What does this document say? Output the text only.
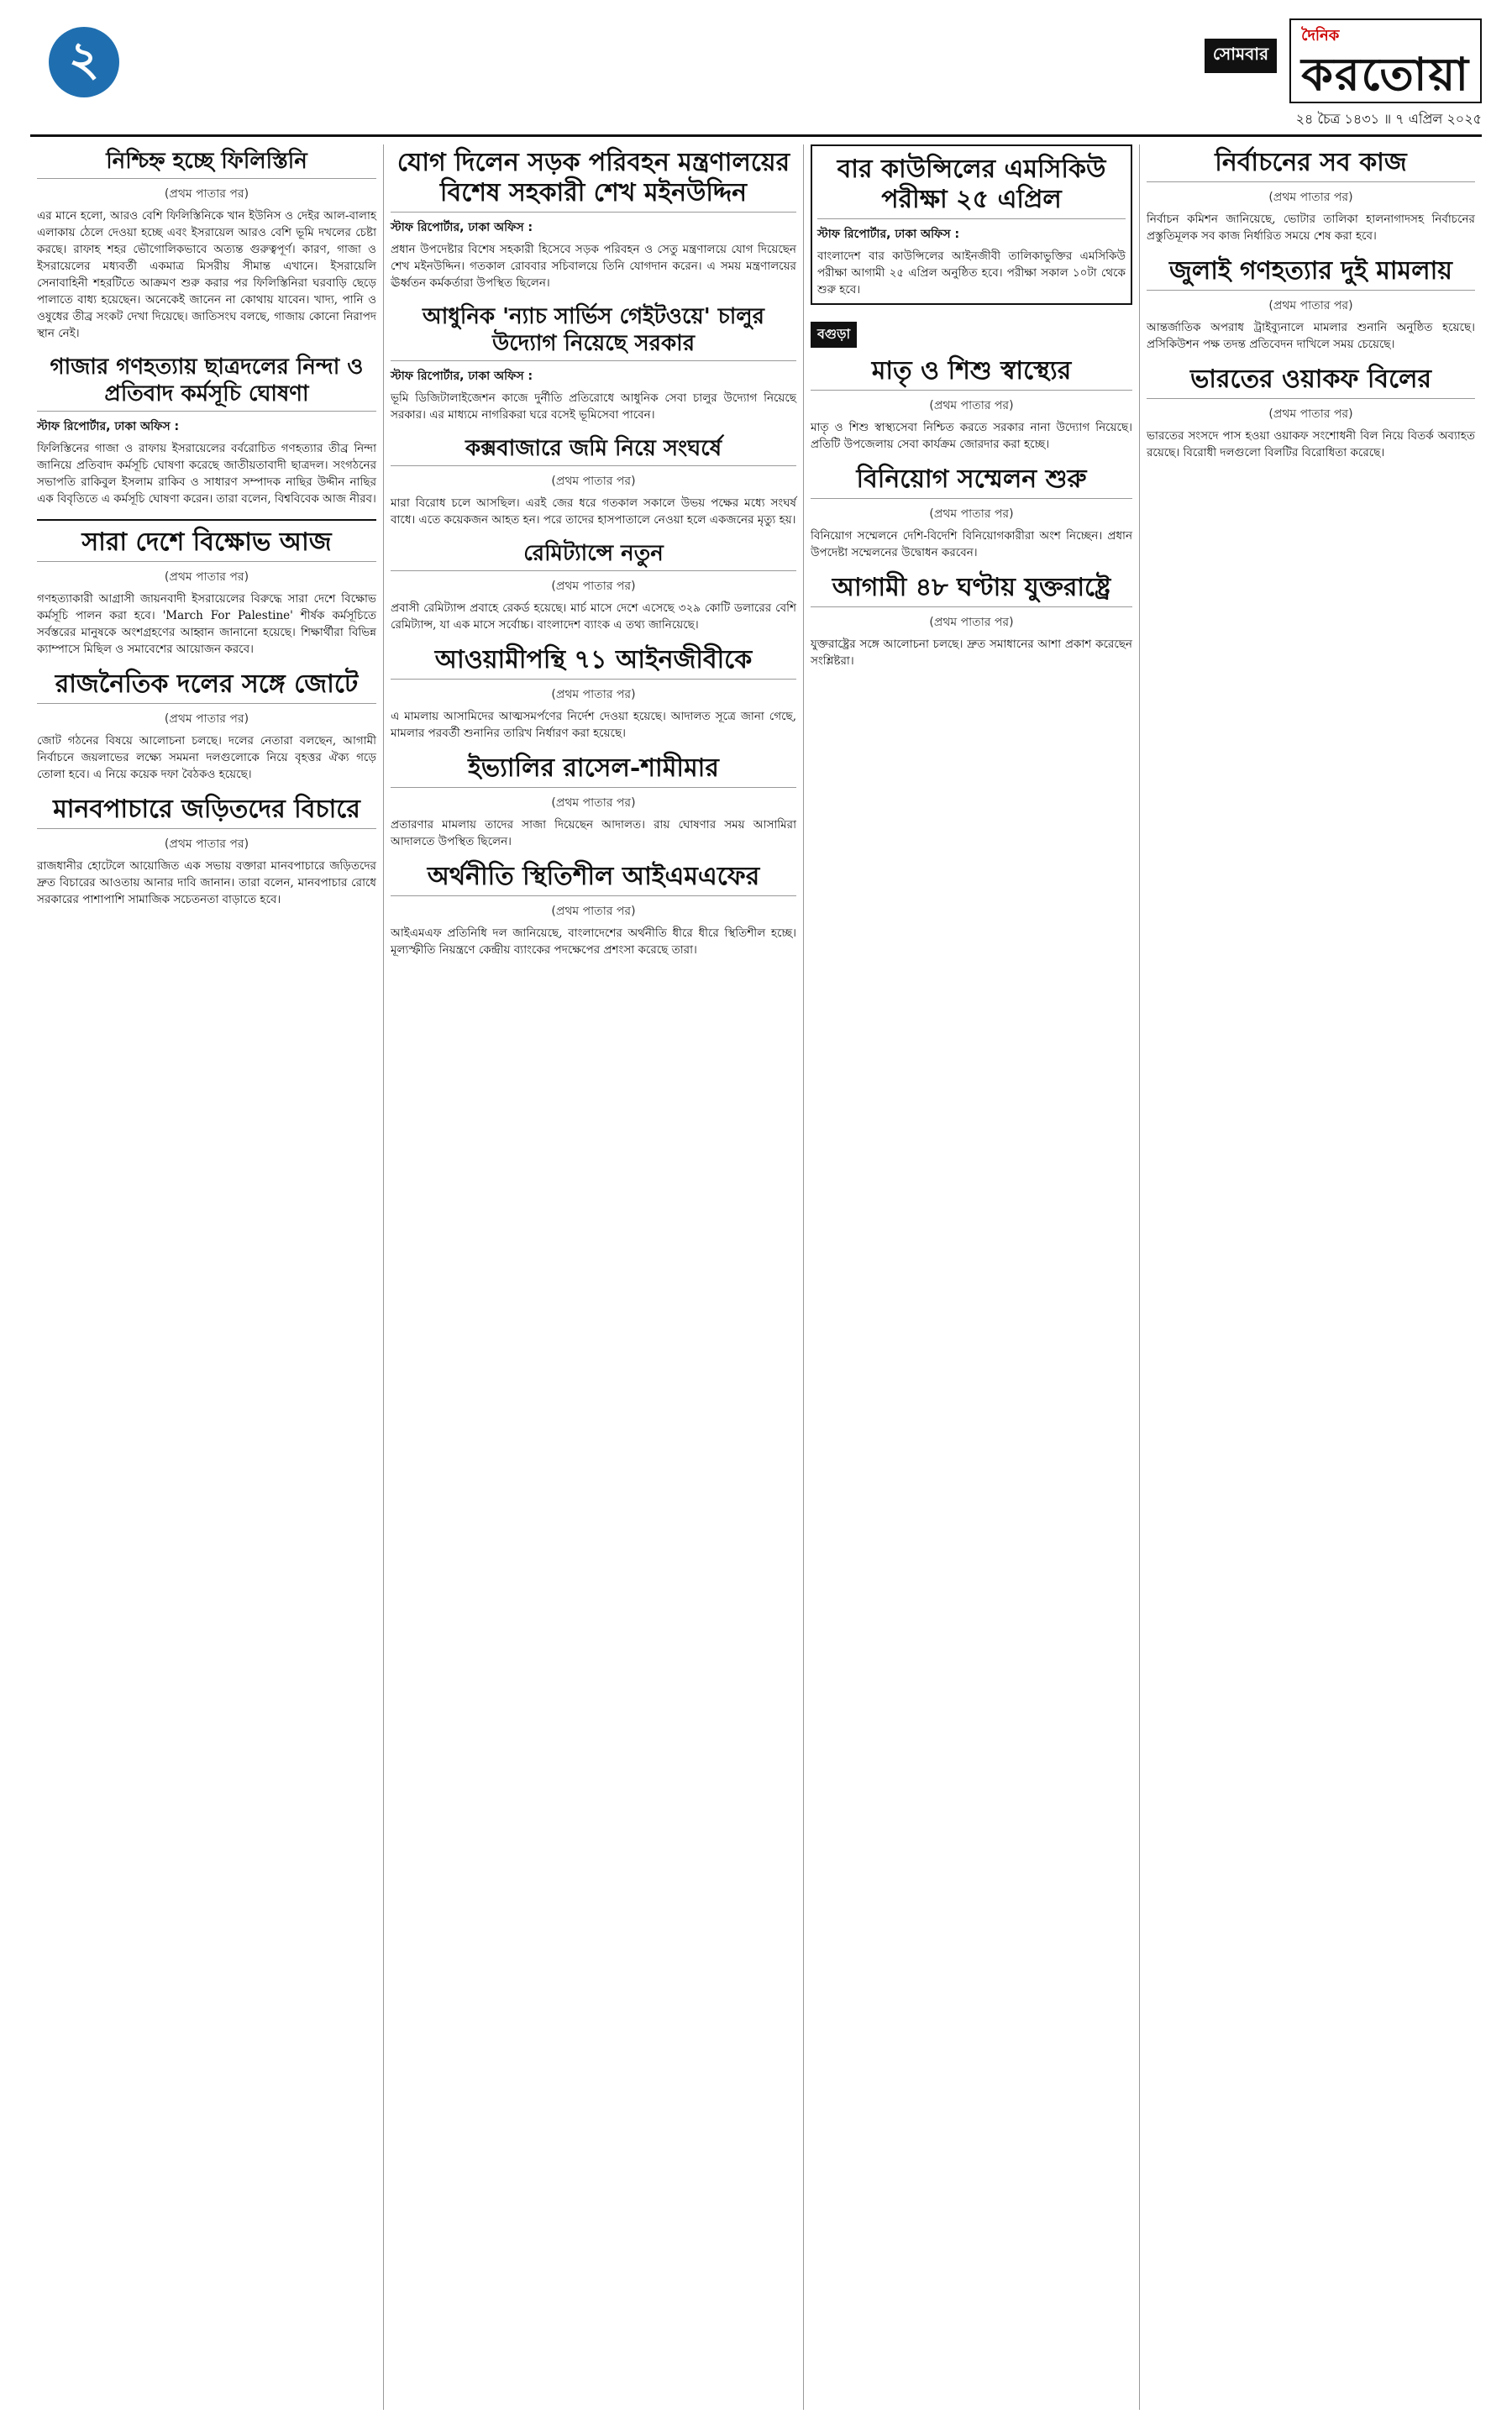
২	সোমবার
দৈনিক
করতোয়া
২৪ চৈত্র ১৪৩১ ॥ ৭ এপ্রিল ২০২৫
নিশ্চিহ্ন হচ্ছে ফিলিস্তিনি
(প্রথম পাতার পর)

এর মানে হলো, আরও বেশি ফিলিস্তিনিকে খান ইউনিস ও দেইর আল-বালাহ এলাকায় ঠেলে দেওয়া হচ্ছে এবং ইসরায়েল আরও বেশি ভূমি দখলের চেষ্টা করছে। রাফাহ শহর ভৌগোলিকভাবে অত্যন্ত গুরুত্বপূর্ণ। কারণ, গাজা ও ইসরায়েলের মধ্যবর্তী একমাত্র মিসরীয় সীমান্ত এখানে। ইসরায়েলি সেনাবাহিনী শহরটিতে আক্রমণ শুরু করার পর ফিলিস্তিনিরা ঘরবাড়ি ছেড়ে পালাতে বাধ্য হয়েছেন। অনেকেই জানেন না কোথায় যাবেন। খাদ্য, পানি ও ওষুধের তীব্র সংকট দেখা দিয়েছে। জাতিসংঘ বলছে, গাজায় কোনো নিরাপদ স্থান নেই।

গাজার গণহত্যায় ছাত্রদলের নিন্দা ও প্রতিবাদ কর্মসূচি ঘোষণা
স্টাফ রিপোর্টার, ঢাকা অফিস :

ফিলিস্তিনের গাজা ও রাফায় ইসরায়েলের বর্বরোচিত গণহত্যার তীব্র নিন্দা জানিয়ে প্রতিবাদ কর্মসূচি ঘোষণা করেছে জাতীয়তাবাদী ছাত্রদল। সংগঠনের সভাপতি রাকিবুল ইসলাম রাকিব ও সাধারণ সম্পাদক নাছির উদ্দীন নাছির এক বিবৃতিতে এ কর্মসূচি ঘোষণা করেন। তারা বলেন, বিশ্ববিবেক আজ নীরব।

সারা দেশে বিক্ষোভ আজ
(প্রথম পাতার পর)

গণহত্যাকারী আগ্রাসী জায়নবাদী ইসরায়েলের বিরুদ্ধে সারা দেশে বিক্ষোভ কর্মসূচি পালন করা হবে। 'March For Palestine' শীর্ষক কর্মসূচিতে সর্বস্তরের মানুষকে অংশগ্রহণের আহ্বান জানানো হয়েছে। শিক্ষার্থীরা বিভিন্ন ক্যাম্পাসে মিছিল ও সমাবেশের আয়োজন করবে।

রাজনৈতিক দলের সঙ্গে জোটে
(প্রথম পাতার পর)

জোট গঠনের বিষয়ে আলোচনা চলছে। দলের নেতারা বলছেন, আগামী নির্বাচনে জয়লাভের লক্ষ্যে সমমনা দলগুলোকে নিয়ে বৃহত্তর ঐক্য গড়ে তোলা হবে। এ নিয়ে কয়েক দফা বৈঠকও হয়েছে।

মানবপাচারে জড়িতদের বিচারে
(প্রথম পাতার পর)

রাজধানীর হোটেলে আয়োজিত এক সভায় বক্তারা মানবপাচারে জড়িতদের দ্রুত বিচারের আওতায় আনার দাবি জানান। তারা বলেন, মানবপাচার রোধে সরকারের পাশাপাশি সামাজিক সচেতনতা বাড়াতে হবে।

যোগ দিলেন সড়ক পরিবহন মন্ত্রণালয়ের বিশেষ সহকারী শেখ মইনউদ্দিন
স্টাফ রিপোর্টার, ঢাকা অফিস :

প্রধান উপদেষ্টার বিশেষ সহকারী হিসেবে সড়ক পরিবহন ও সেতু মন্ত্রণালয়ে যোগ দিয়েছেন শেখ মইনউদ্দিন। গতকাল রোববার সচিবালয়ে তিনি যোগদান করেন। এ সময় মন্ত্রণালয়ের ঊর্ধ্বতন কর্মকর্তারা উপস্থিত ছিলেন।

আধুনিক 'ন্যাচ সার্ভিস গেইটওয়ে' চালুর উদ্যোগ নিয়েছে সরকার
স্টাফ রিপোর্টার, ঢাকা অফিস :

ভূমি ডিজিটালাইজেশন কাজে দুর্নীতি প্রতিরোধে আধুনিক সেবা চালুর উদ্যোগ নিয়েছে সরকার। এর মাধ্যমে নাগরিকরা ঘরে বসেই ভূমিসেবা পাবেন।

কক্সবাজারে জমি নিয়ে সংঘর্ষে
(প্রথম পাতার পর)

মারা বিরোধ চলে আসছিল। এরই জের ধরে গতকাল সকালে উভয় পক্ষের মধ্যে সংঘর্ষ বাধে। এতে কয়েকজন আহত হন। পরে তাদের হাসপাতালে নেওয়া হলে একজনের মৃত্যু হয়।

রেমিট্যান্সে নতুন
(প্রথম পাতার পর)

প্রবাসী রেমিট্যান্স প্রবাহে রেকর্ড হয়েছে। মার্চ মাসে দেশে এসেছে ৩২৯ কোটি ডলারের বেশি রেমিট্যান্স, যা এক মাসে সর্বোচ্চ। বাংলাদেশ ব্যাংক এ তথ্য জানিয়েছে।

আওয়ামীপন্থি ৭১ আইনজীবীকে
(প্রথম পাতার পর)

এ মামলায় আসামিদের আত্মসমর্পণের নির্দেশ দেওয়া হয়েছে। আদালত সূত্রে জানা গেছে, মামলার পরবর্তী শুনানির তারিখ নির্ধারণ করা হয়েছে।

ইভ্যালির রাসেল-শামীমার
(প্রথম পাতার পর)

প্রতারণার মামলায় তাদের সাজা দিয়েছেন আদালত। রায় ঘোষণার সময় আসামিরা আদালতে উপস্থিত ছিলেন।

অর্থনীতি স্থিতিশীল আইএমএফের
(প্রথম পাতার পর)

আইএমএফ প্রতিনিধি দল জানিয়েছে, বাংলাদেশের অর্থনীতি ধীরে ধীরে স্থিতিশীল হচ্ছে। মূল্যস্ফীতি নিয়ন্ত্রণে কেন্দ্রীয় ব্যাংকের পদক্ষেপের প্রশংসা করেছে তারা।

বার কাউন্সিলের এমসিকিউ পরীক্ষা ২৫ এপ্রিল
স্টাফ রিপোর্টার, ঢাকা অফিস :

বাংলাদেশ বার কাউন্সিলের আইনজীবী তালিকাভুক্তির এমসিকিউ পরীক্ষা আগামী ২৫ এপ্রিল অনুষ্ঠিত হবে। পরীক্ষা সকাল ১০টা থেকে শুরু হবে।

বগুড়া
মাতৃ ও শিশু স্বাস্থ্যের
(প্রথম পাতার পর)

মাতৃ ও শিশু স্বাস্থ্যসেবা নিশ্চিত করতে সরকার নানা উদ্যোগ নিয়েছে। প্রতিটি উপজেলায় সেবা কার্যক্রম জোরদার করা হচ্ছে।

বিনিয়োগ সম্মেলন শুরু
(প্রথম পাতার পর)

বিনিয়োগ সম্মেলনে দেশি-বিদেশি বিনিয়োগকারীরা অংশ নিচ্ছেন। প্রধান উপদেষ্টা সম্মেলনের উদ্বোধন করবেন।

আগামী ৪৮ ঘণ্টায় যুক্তরাষ্ট্রে
(প্রথম পাতার পর)

যুক্তরাষ্ট্রের সঙ্গে আলোচনা চলছে। দ্রুত সমাধানের আশা প্রকাশ করেছেন সংশ্লিষ্টরা।

নির্বাচনের সব কাজ
(প্রথম পাতার পর)

নির্বাচন কমিশন জানিয়েছে, ভোটার তালিকা হালনাগাদসহ নির্বাচনের প্রস্তুতিমূলক সব কাজ নির্ধারিত সময়ে শেষ করা হবে।

জুলাই গণহত্যার দুই মামলায়
(প্রথম পাতার পর)

আন্তর্জাতিক অপরাধ ট্রাইব্যুনালে মামলার শুনানি অনুষ্ঠিত হয়েছে। প্রসিকিউশন পক্ষ তদন্ত প্রতিবেদন দাখিলে সময় চেয়েছে।

ভারতের ওয়াকফ বিলের
(প্রথম পাতার পর)

ভারতের সংসদে পাস হওয়া ওয়াকফ সংশোধনী বিল নিয়ে বিতর্ক অব্যাহত রয়েছে। বিরোধী দলগুলো বিলটির বিরোধিতা করেছে।
